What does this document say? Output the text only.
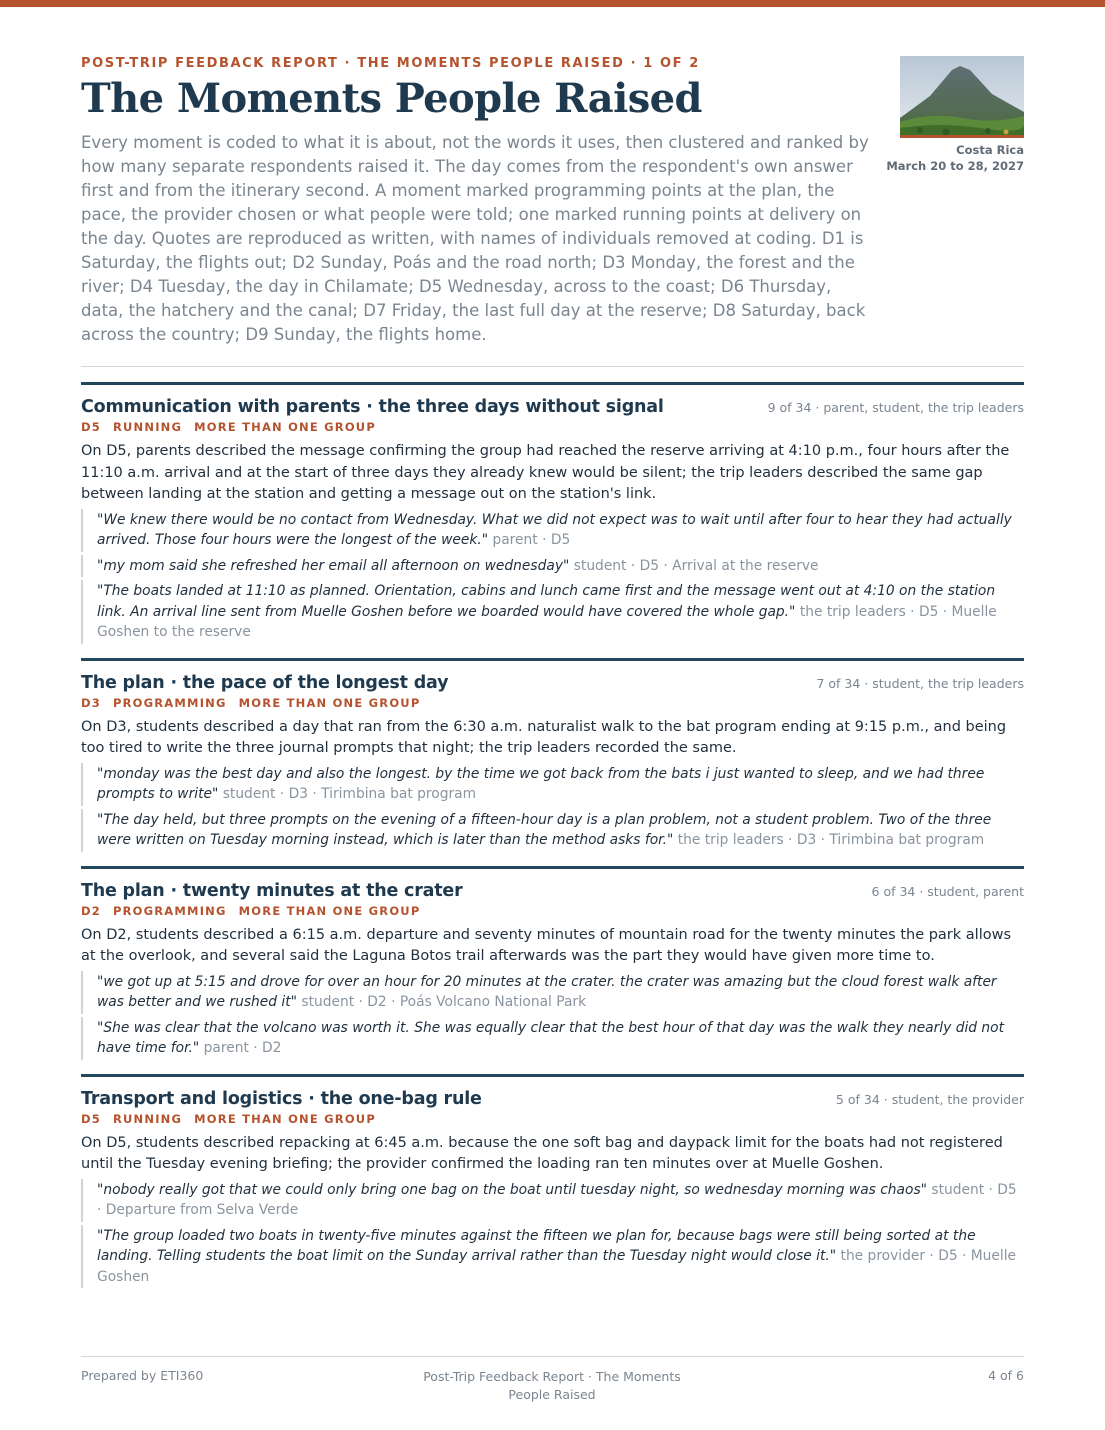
POST-TRIP FEEDBACK REPORT · THE MOMENTS PEOPLE RAISED · 1 OF 2
The Moments People Raised

Every moment is coded to what it is about, not the words it uses, then clustered and ranked by how many separate respondents raised it. The day comes from the respondent's own answer first and from the itinerary second. A moment marked programming points at the plan, the pace, the provider chosen or what people were told; one marked running points at delivery on the day. Quotes are reproduced as written, with names of individuals removed at coding. D1 is Saturday, the flights out; D2 Sunday, Poás and the road north; D3 Monday, the forest and the river; D4 Tuesday, the day in Chilamate; D5 Wednesday, across to the coast; D6 Thursday, data, the hatchery and the canal; D7 Friday, the last full day at the reserve; D8 Saturday, back across the country; D9 Sunday, the flights home.

Costa Rica
March 20 to 28, 2027
Communication with parents · the three days without signal	9 of 34 · parent, student, the trip leaders
D5 RUNNING MORE THAN ONE GROUP

On D5, parents described the message confirming the group had reached the reserve arriving at 4:10 p.m., four hours after the 11:10 a.m. arrival and at the start of three days they already knew would be silent; the trip leaders described the same gap between landing at the station and getting a message out on the station's link.

"We knew there would be no contact from Wednesday. What we did not expect was to wait until after four to hear they had actually arrived. Those four hours were the longest of the week." parent · D5
"my mom said she refreshed her email all afternoon on wednesday" student · D5 · Arrival at the reserve
"The boats landed at 11:10 as planned. Orientation, cabins and lunch came first and the message went out at 4:10 on the station link. An arrival line sent from Muelle Goshen before we boarded would have covered the whole gap." the trip leaders · D5 · Muelle Goshen to the reserve
The plan · the pace of the longest day	7 of 34 · student, the trip leaders
D3 PROGRAMMING MORE THAN ONE GROUP

On D3, students described a day that ran from the 6:30 a.m. naturalist walk to the bat program ending at 9:15 p.m., and being too tired to write the three journal prompts that night; the trip leaders recorded the same.

"monday was the best day and also the longest. by the time we got back from the bats i just wanted to sleep, and we had three prompts to write" student · D3 · Tirimbina bat program
"The day held, but three prompts on the evening of a fifteen-hour day is a plan problem, not a student problem. Two of the three were written on Tuesday morning instead, which is later than the method asks for." the trip leaders · D3 · Tirimbina bat program
The plan · twenty minutes at the crater	6 of 34 · student, parent
D2 PROGRAMMING MORE THAN ONE GROUP

On D2, students described a 6:15 a.m. departure and seventy minutes of mountain road for the twenty minutes the park allows at the overlook, and several said the Laguna Botos trail afterwards was the part they would have given more time to.

"we got up at 5:15 and drove for over an hour for 20 minutes at the crater. the crater was amazing but the cloud forest walk after was better and we rushed it" student · D2 · Poás Volcano National Park
"She was clear that the volcano was worth it. She was equally clear that the best hour of that day was the walk they nearly did not have time for." parent · D2
Transport and logistics · the one-bag rule	5 of 34 · student, the provider
D5 RUNNING MORE THAN ONE GROUP

On D5, students described repacking at 6:45 a.m. because the one soft bag and daypack limit for the boats had not registered until the Tuesday evening briefing; the provider confirmed the loading ran ten minutes over at Muelle Goshen.

"nobody really got that we could only bring one bag on the boat until tuesday night, so wednesday morning was chaos" student · D5 · Departure from Selva Verde
"The group loaded two boats in twenty-five minutes against the fifteen we plan for, because bags were still being sorted at the landing. Telling students the boat limit on the Sunday arrival rather than the Tuesday night would close it." the provider · D5 · Muelle Goshen
Prepared by ETI360	Post-Trip Feedback Report · The Moments People Raised
4 of 6
